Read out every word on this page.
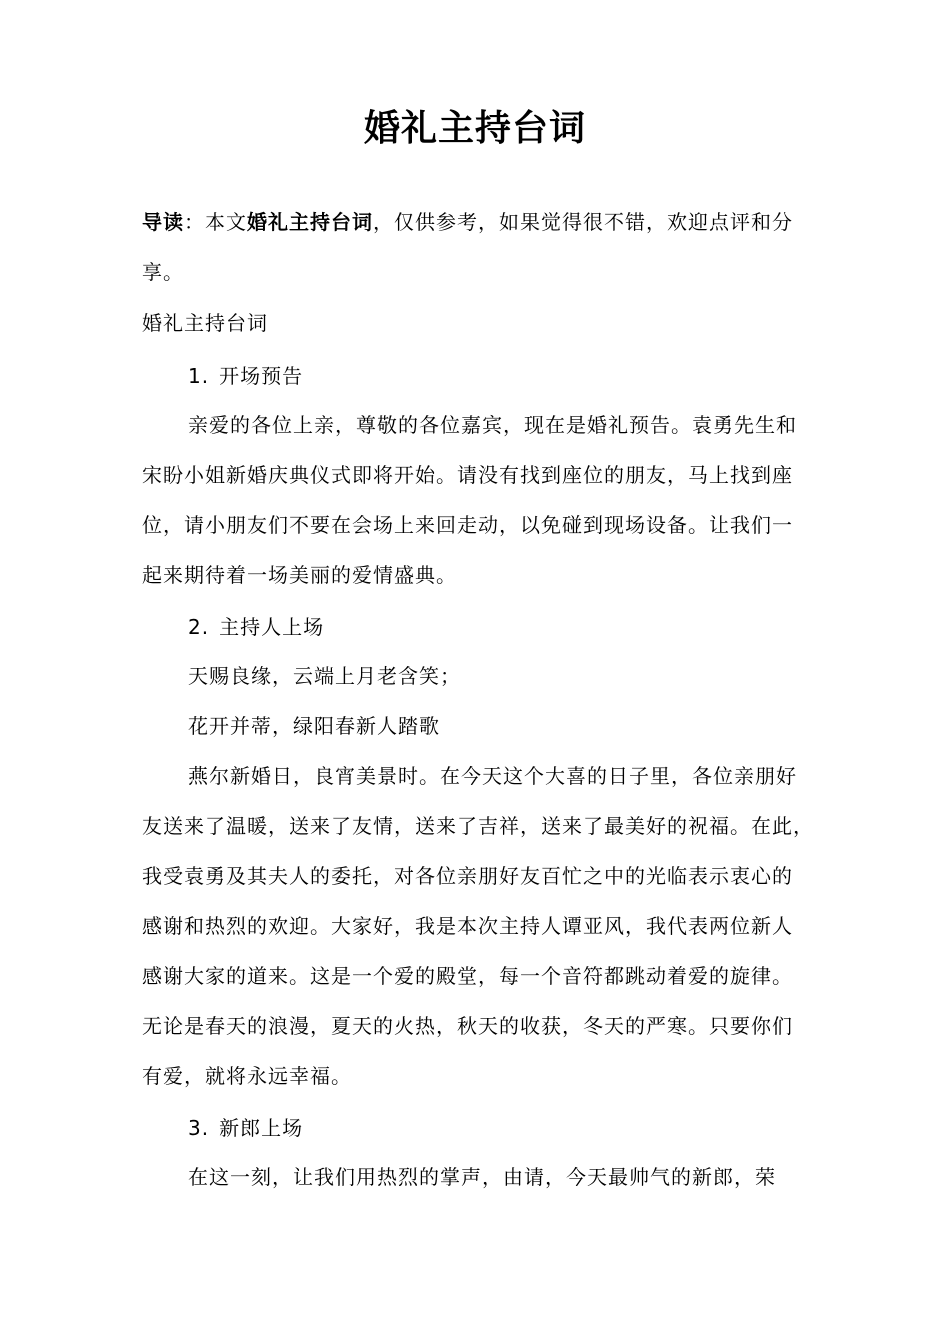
婚礼主持台词
导读：本文婚礼主持台词，仅供参考，如果觉得很不错，欢迎点评和分
享。
婚礼主持台词
1. 开场预告
亲爱的各位上亲，尊敬的各位嘉宾，现在是婚礼预告。袁勇先生和
宋盼小姐新婚庆典仪式即将开始。请没有找到座位的朋友，马上找到座
位，请小朋友们不要在会场上来回走动，以免碰到现场设备。让我们一
起来期待着一场美丽的爱情盛典。
2. 主持人上场
天赐良缘，云端上月老含笑；
花开并蒂，绿阳春新人踏歌
燕尔新婚日，良宵美景时。在今天这个大喜的日子里，各位亲朋好
友送来了温暖，送来了友情，送来了吉祥，送来了最美好的祝福。在此，
我受袁勇及其夫人的委托，对各位亲朋好友百忙之中的光临表示衷心的
感谢和热烈的欢迎。大家好，我是本次主持人谭亚风，我代表两位新人
感谢大家的道来。这是一个爱的殿堂，每一个音符都跳动着爱的旋律。
无论是春天的浪漫，夏天的火热，秋天的收获，冬天的严寒。只要你们
有爱，就将永远幸福。
3. 新郎上场
在这一刻，让我们用热烈的掌声，由请，今天最帅气的新郎，荣
